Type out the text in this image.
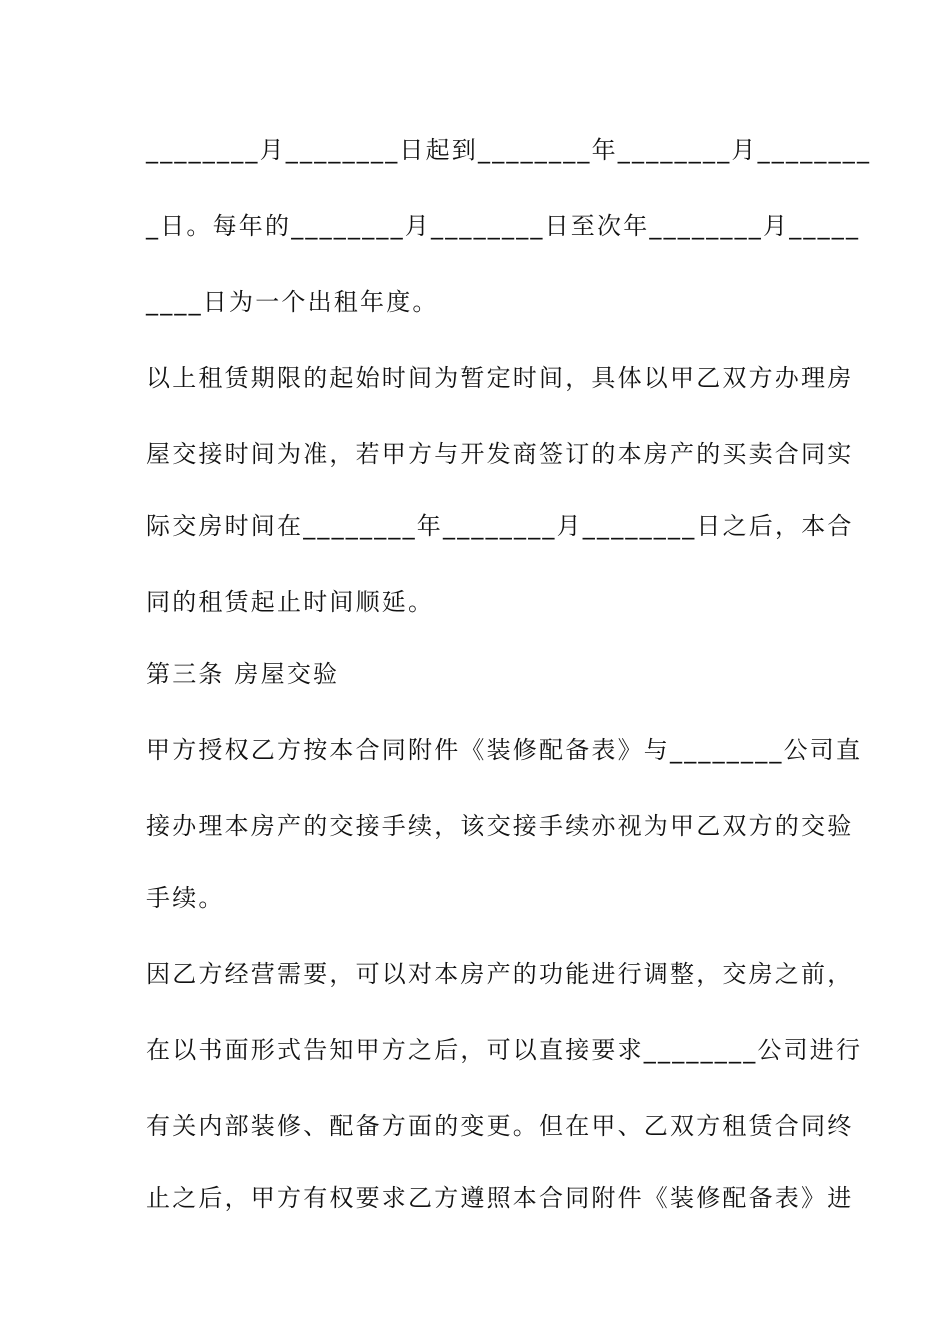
________月________日起到________年________月________
_日。每年的________月________日至次年________月_____
____日为一个出租年度。
以上租赁期限的起始时间为暂定时间，具体以甲乙双方办理房
屋交接时间为准，若甲方与开发商签订的本房产的买卖合同实
际交房时间在________年________月________日之后，本合
同的租赁起止时间顺延。
第三条 房屋交验
甲方授权乙方按本合同附件《装修配备表》与________公司直
接办理本房产的交接手续，该交接手续亦视为甲乙双方的交验
手续。
因乙方经营需要，可以对本房产的功能进行调整，交房之前，
在以书面形式告知甲方之后，可以直接要求________公司进行
有关内部装修、配备方面的变更。但在甲、乙双方租赁合同终
止之后，甲方有权要求乙方遵照本合同附件《装修配备表》进
